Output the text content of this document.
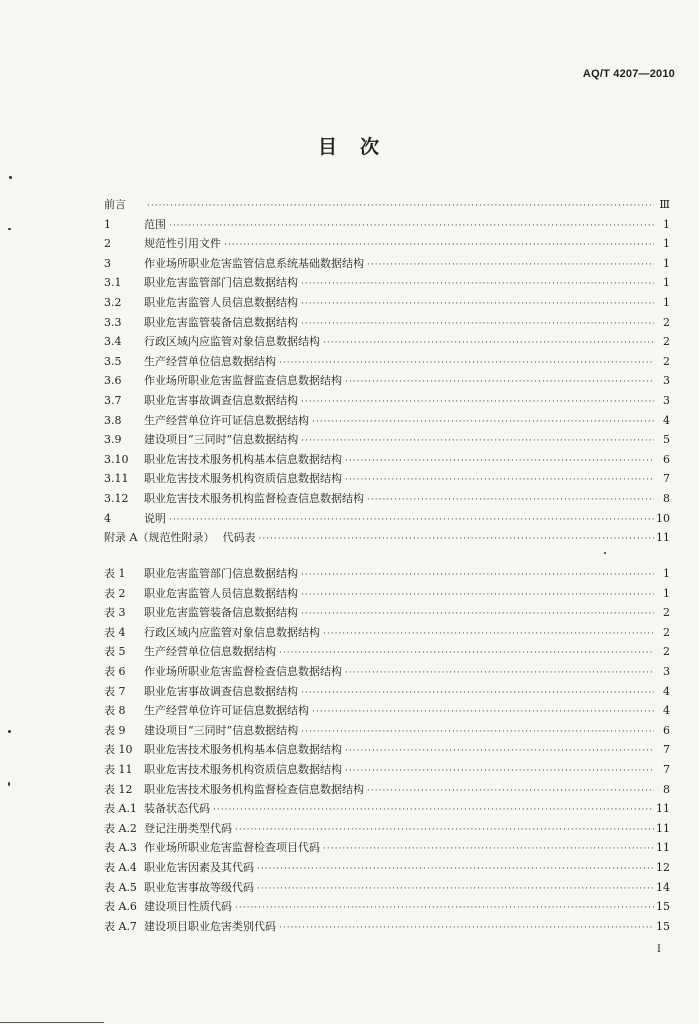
AQ/T 4207—2010
目　次
前言 ·····	Ⅲ
1	范围 ·····	1
2	规范性引用文件 ·····	1
3	作业场所职业危害监管信息系统基础数据结构 ·····	1
3.1	职业危害监管部门信息数据结构 ·····	1
3.2	职业危害监管人员信息数据结构 ·····	1
3.3	职业危害监管装备信息数据结构 ·····	2
3.4	行政区域内应监管对象信息数据结构 ·····	2
3.5	生产经营单位信息数据结构 ·····	2
3.6	作业场所职业危害监督监查信息数据结构 ·····	3
3.7	职业危害事故调查信息数据结构 ·····	3
3.8	生产经营单位许可证信息数据结构 ·····	4
3.9	建设项目“三同时”信息数据结构 ·····	5
3.10	职业危害技术服务机构基本信息数据结构 ·····	6
3.11	职业危害技术服务机构资质信息数据结构 ·····	7
3.12	职业危害技术服务机构监督检查信息数据结构 ·····	8
4	说明 ·····	10
附录 A（规范性附录） 代码表 ·····	11
表 1	职业危害监管部门信息数据结构 ·····	1
表 2	职业危害监管人员信息数据结构 ·····	1
表 3	职业危害监管装备信息数据结构 ·····	2
表 4	行政区域内应监管对象信息数据结构 ·····	2
表 5	生产经营单位信息数据结构 ·····	2
表 6	作业场所职业危害监督检查信息数据结构 ·····	3
表 7	职业危害事故调查信息数据结构 ·····	4
表 8	生产经营单位许可证信息数据结构 ·····	4
表 9	建设项目“三同时”信息数据结构 ·····	6
表 10	职业危害技术服务机构基本信息数据结构 ·····	7
表 11	职业危害技术服务机构资质信息数据结构 ·····	7
表 12	职业危害技术服务机构监督检查信息数据结构 ·····	8
表 A.1 装备状态代码 ·····	11
表 A.2 登记注册类型代码 ·····	11
表 A.3 作业场所职业危害监督检查项目代码 ·····	11
表 A.4 职业危害因素及其代码 ·····	12
表 A.5 职业危害事故等级代码 ·····	14
表 A.6 建设项目性质代码 ·····	15
表 A.7 建设项目职业危害类别代码 ·····	15
I
